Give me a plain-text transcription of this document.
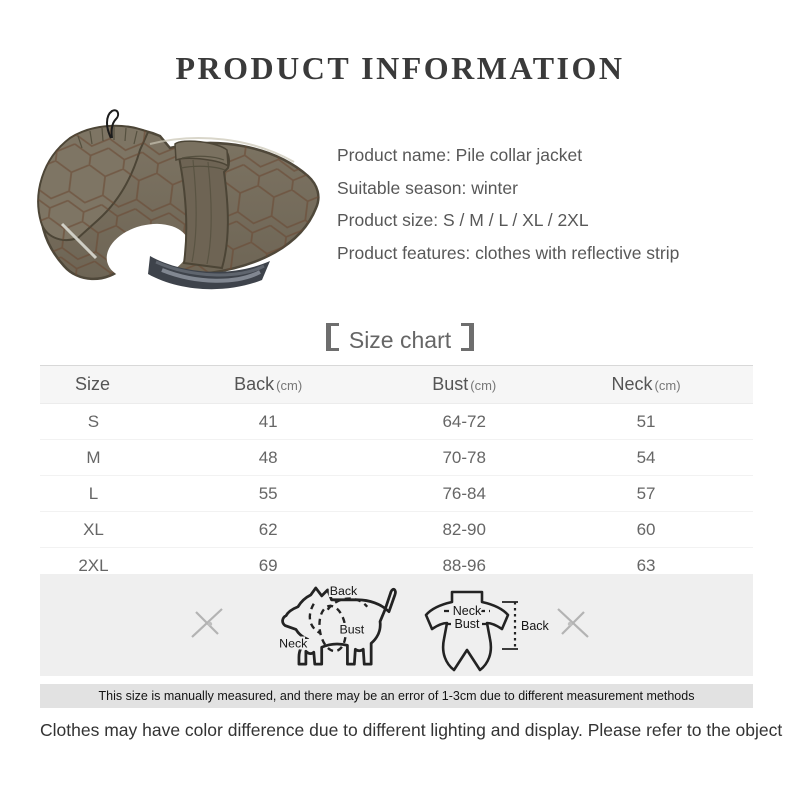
PRODUCT INFORMATION

Product name: Pile collar jacket

Suitable season: winter

Product size: S / M / L / XL / 2XL

Product features: clothes with reflective strip

Size chart
Size	Back (cm)	Bust (cm)	Neck (cm)
S	41	64-72	51
M	48	70-78	54
L	55	76-84	57
XL	62	82-90	60
2XL	69	88-96	63
Back
Bust
Neck
Neck
Bust	Back
This size is manually measured, and there may be an error of 1-3cm due to different measurement methods

Clothes may have color difference due to different lighting and display. Please refer to the object
